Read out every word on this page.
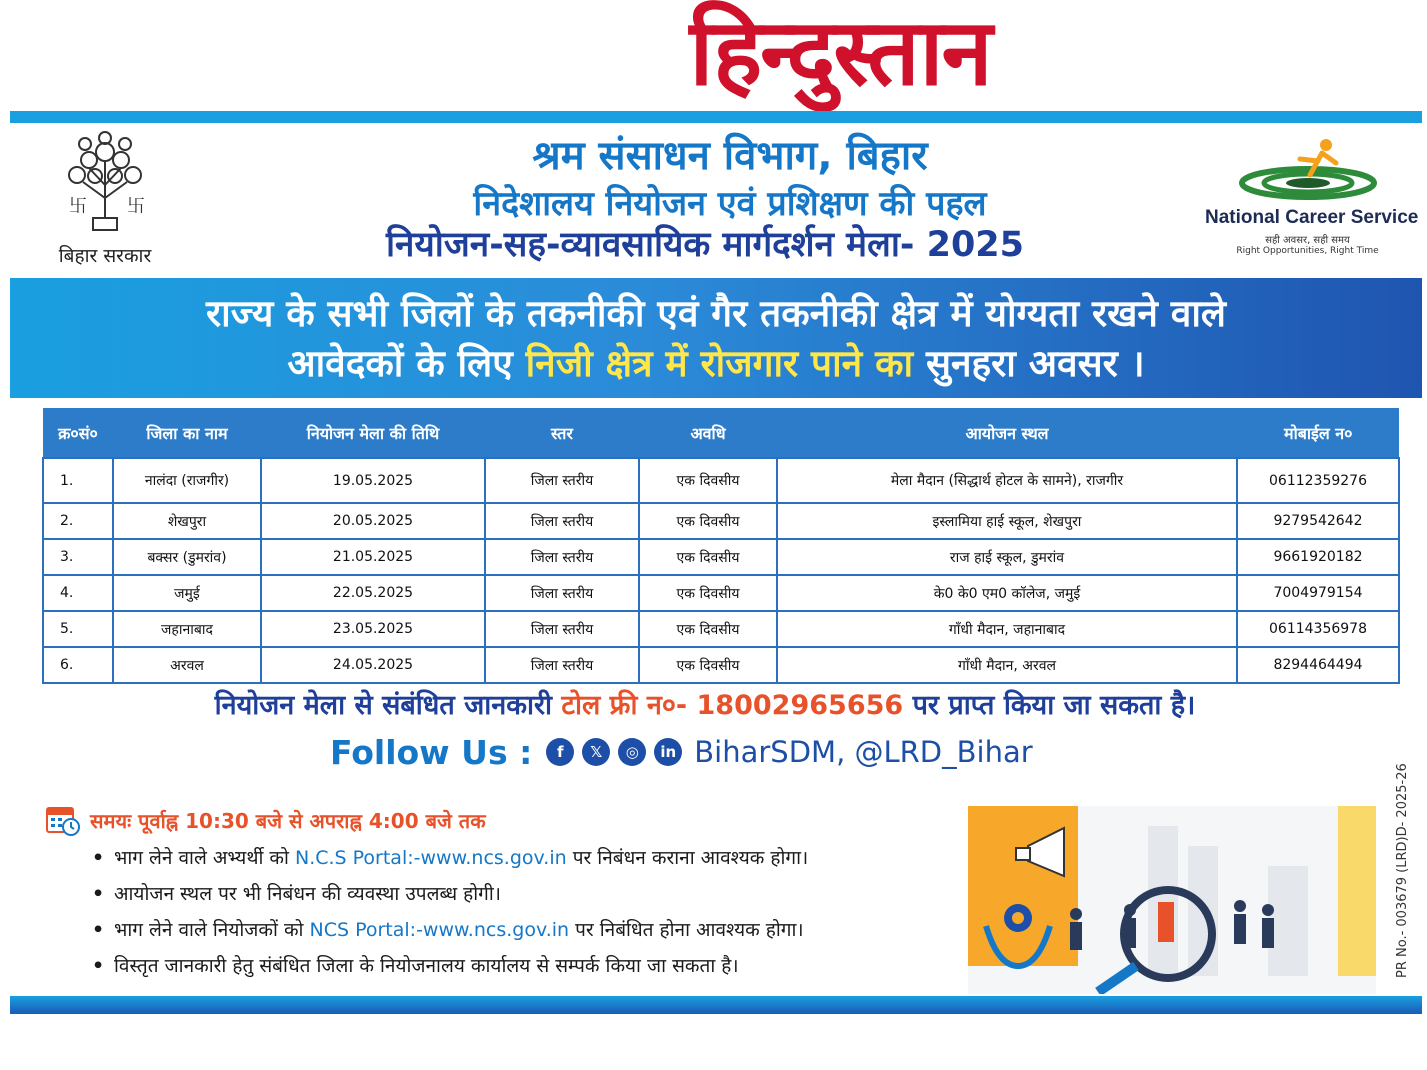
हिन्दुस्तान
卐 卐
बिहार सरकार
श्रम संसाधन विभाग, बिहार
निदेशालय नियोजन एवं प्रशिक्षण की पहल
नियोजन-सह-व्यावसायिक मार्गदर्शन मेला- 2025
National Career Service
सही अवसर, सही समय
Right Opportunities, Right Time
राज्य के सभी जिलों के तकनीकी एवं गैर तकनीकी क्षेत्र में योग्यता रखने वाले
आवेदकों के लिए निजी क्षेत्र में रोजगार पाने का सुनहरा अवसर ।
क्र०सं०	जिला का नाम	नियोजन मेला की तिथि	स्तर	अवधि	आयोजन स्थल	मोबाईल न०
1.	नालंदा (राजगीर)	19.05.2025	जिला स्तरीय	एक दिवसीय	मेला मैदान (सिद्धार्थ होटल के सामने), राजगीर	06112359276
2.	शेखपुरा	20.05.2025	जिला स्तरीय	एक दिवसीय	इस्लामिया हाई स्कूल, शेखपुरा	9279542642
3.	बक्सर (डुमरांव)	21.05.2025	जिला स्तरीय	एक दिवसीय	राज हाई स्कूल, डुमरांव	9661920182
4.	जमुई	22.05.2025	जिला स्तरीय	एक दिवसीय	के0 के0 एम0 कॉलेज, जमुई	7004979154
5.	जहानाबाद	23.05.2025	जिला स्तरीय	एक दिवसीय	गाँधी मैदान, जहानाबाद	06114356978
6.	अरवल	24.05.2025	जिला स्तरीय	एक दिवसीय	गाँधी मैदान, अरवल	8294464494
नियोजन मेला से संबंधित जानकारी टोल फ्री न०- 18002965656 पर प्राप्त किया जा सकता है।
Follow Us :	f	𝕏	◎	in BiharSDM, @LRD_Bihar
समयः पूर्वाह्न 10:30 बजे से अपराह्न 4:00 बजे तक
• भाग लेने वाले अभ्यर्थी को N.C.S Portal:-www.ncs.gov.in पर निबंधन कराना आवश्यक होगा।
• आयोजन स्थल पर भी निबंधन की व्यवस्था उपलब्ध होगी।
• भाग लेने वाले नियोजकों को NCS Portal:-www.ncs.gov.in पर निबंधित होना आवश्यक होगा।
• विस्तृत जानकारी हेतु संबंधित जिला के नियोजनालय कार्यालय से सम्पर्क किया जा सकता है।	PR No.- 003679 (LRD)D- 2025-26
